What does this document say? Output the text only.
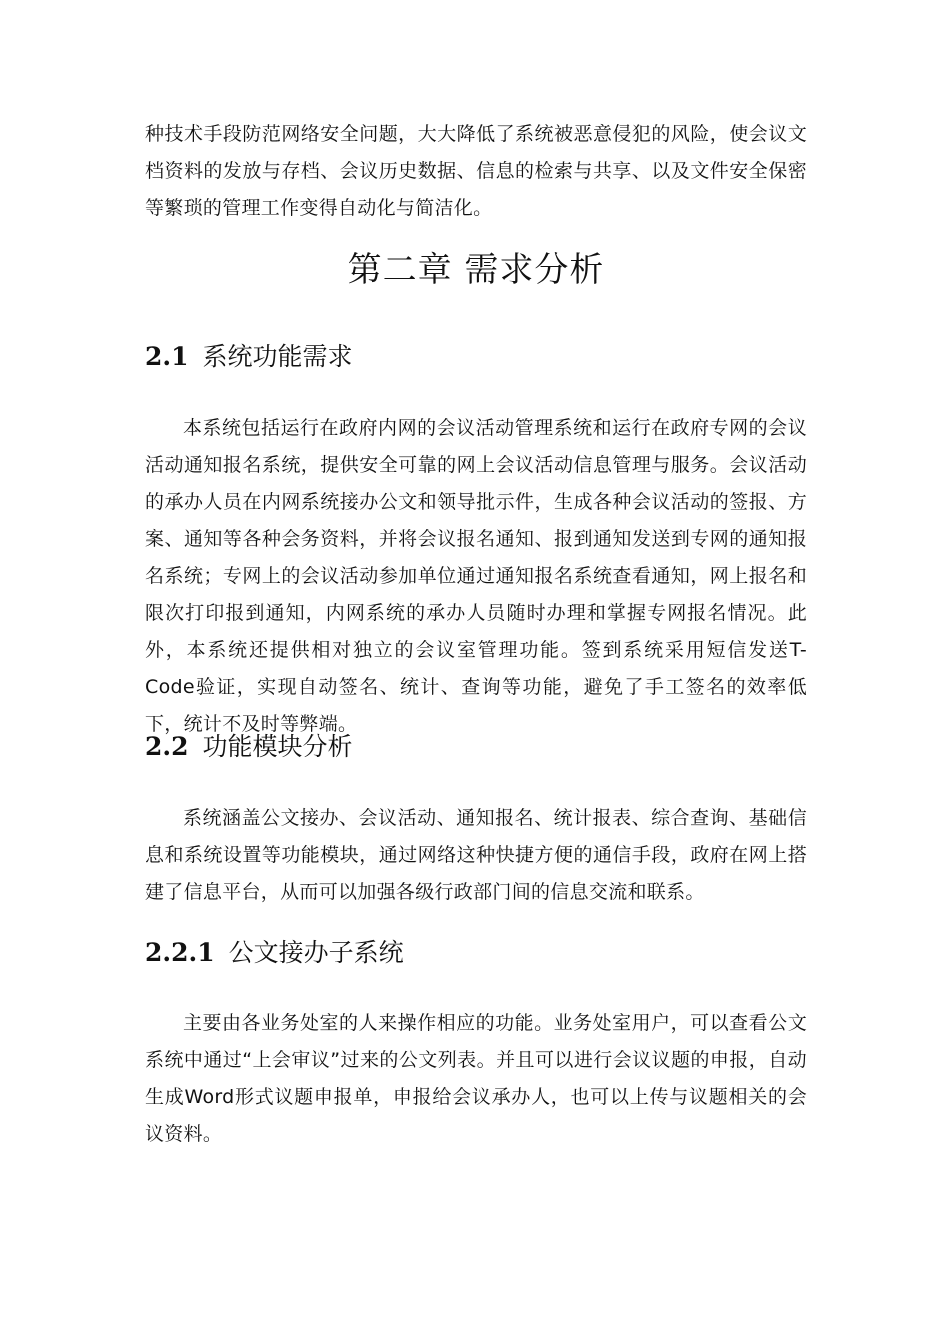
种技术手段防范网络安全问题，大大降低了系统被恶意侵犯的风险，使会议文档资料的发放与存档、会议历史数据、信息的检索与共享、以及文件安全保密等繁琐的管理工作变得自动化与简洁化。

第二章 需求分析
2.1 系统功能需求

本系统包括运行在政府内网的会议活动管理系统和运行在政府专网的会议活动通知报名系统，提供安全可靠的网上会议活动信息管理与服务。会议活动的承办人员在内网系统接办公文和领导批示件，生成各种会议活动的签报、方案、通知等各种会务资料，并将会议报名通知、报到通知发送到专网的通知报名系统；专网上的会议活动参加单位通过通知报名系统查看通知，网上报名和限次打印报到通知，内网系统的承办人员随时办理和掌握专网报名情况。此外，本系统还提供相对独立的会议室管理功能。签到系统采用短信发送T-Code验证，实现自动签名、统计、查询等功能，避免了手工签名的效率低下，统计不及时等弊端。

2.2 功能模块分析

系统涵盖公文接办、会议活动、通知报名、统计报表、综合查询、基础信息和系统设置等功能模块，通过网络这种快捷方便的通信手段，政府在网上搭建了信息平台，从而可以加强各级行政部门间的信息交流和联系。

2.2.1 公文接办子系统

主要由各业务处室的人来操作相应的功能。业务处室用户，可以查看公文系统中通过“上会审议”过来的公文列表。并且可以进行会议议题的申报，自动生成Word形式议题申报单，申报给会议承办人，也可以上传与议题相关的会议资料。
